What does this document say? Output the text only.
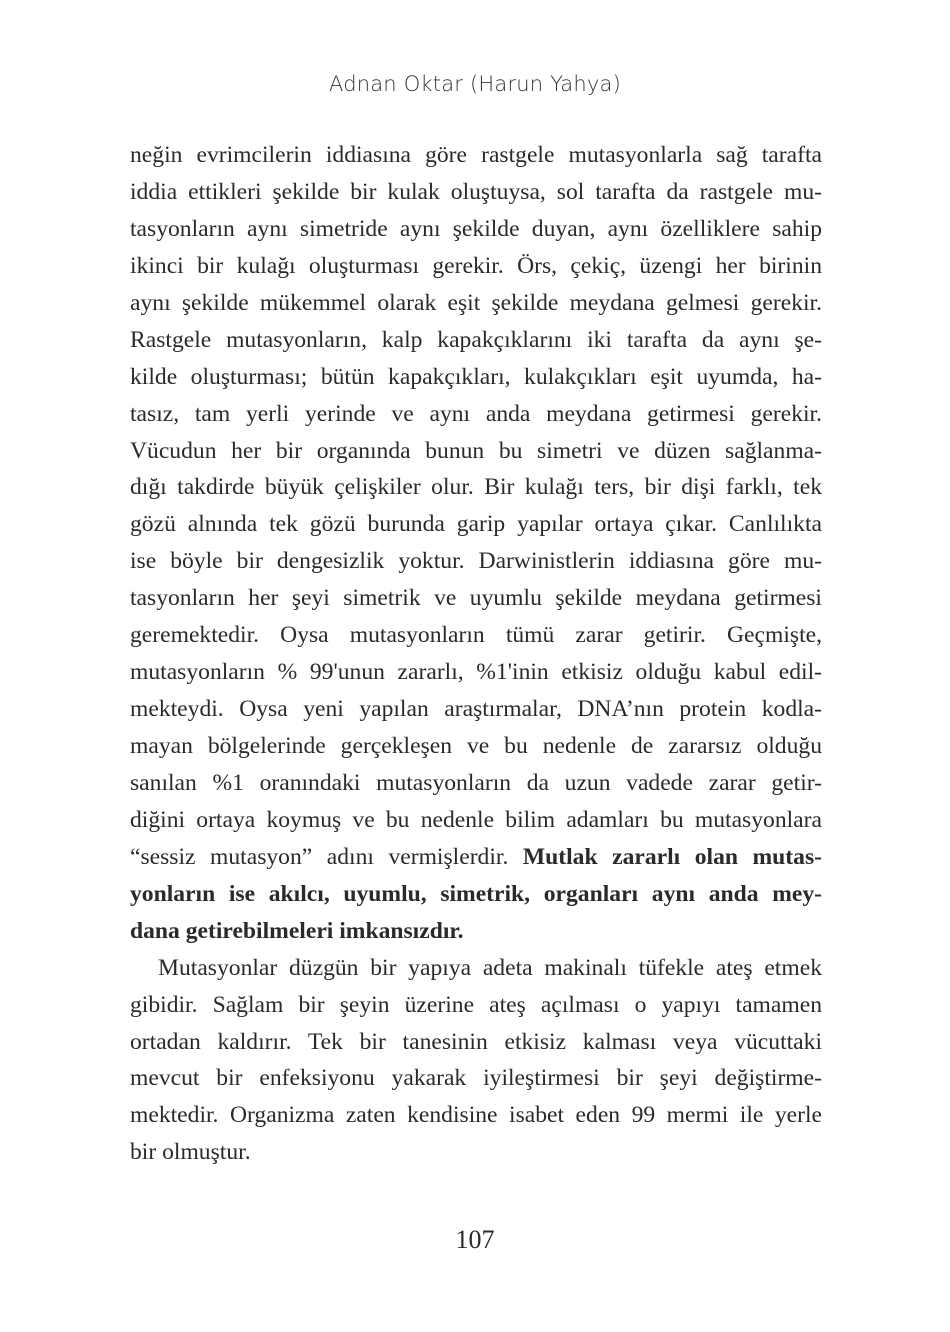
Adnan Oktar (Harun Yahya)
neğin evrimcilerin iddiasına göre rastgele mutasyonlarla sağ tarafta
iddia ettikleri şekilde bir kulak oluştuysa, sol tarafta da rastgele mu-
tasyonların aynı simetride aynı şekilde duyan, aynı özelliklere sahip
ikinci bir kulağı oluşturması gerekir. Örs, çekiç, üzengi her birinin
aynı şekilde mükemmel olarak eşit şekilde meydana gelmesi gerekir.
Rastgele mutasyonların, kalp kapakçıklarını iki tarafta da aynı şe-
kilde oluşturması; bütün kapakçıkları, kulakçıkları eşit uyumda, ha-
tasız, tam yerli yerinde ve aynı anda meydana getirmesi gerekir.
Vücudun her bir organında bunun bu simetri ve düzen sağlanma-
dığı takdirde büyük çelişkiler olur. Bir kulağı ters, bir dişi farklı, tek
gözü alnında tek gözü burunda garip yapılar ortaya çıkar. Canlılıkta
ise böyle bir dengesizlik yoktur. Darwinistlerin iddiasına göre mu-
tasyonların her şeyi simetrik ve uyumlu şekilde meydana getirmesi
geremektedir. Oysa mutasyonların tümü zarar getirir. Geçmişte,
mutasyonların % 99'unun zararlı, %1'inin etkisiz olduğu kabul edil-
mekteydi. Oysa yeni yapılan araştırmalar, DNA’nın protein kodla-
mayan bölgelerinde gerçekleşen ve bu nedenle de zararsız olduğu
sanılan %1 oranındaki mutasyonların da uzun vadede zarar getir-
diğini ortaya koymuş ve bu nedenle bilim adamları bu mutasyonlara
“sessiz mutasyon” adını vermişlerdir. Mutlak zararlı olan mutas-
yonların ise akılcı, uyumlu, simetrik, organları aynı anda mey-
dana getirebilmeleri imkansızdır.
Mutasyonlar düzgün bir yapıya adeta makinalı tüfekle ateş etmek
gibidir. Sağlam bir şeyin üzerine ateş açılması o yapıyı tamamen
ortadan kaldırır. Tek bir tanesinin etkisiz kalması veya vücuttaki
mevcut bir enfeksiyonu yakarak iyileştirmesi bir şeyi değiştirme-
mektedir. Organizma zaten kendisine isabet eden 99 mermi ile yerle
bir olmuştur.
107
